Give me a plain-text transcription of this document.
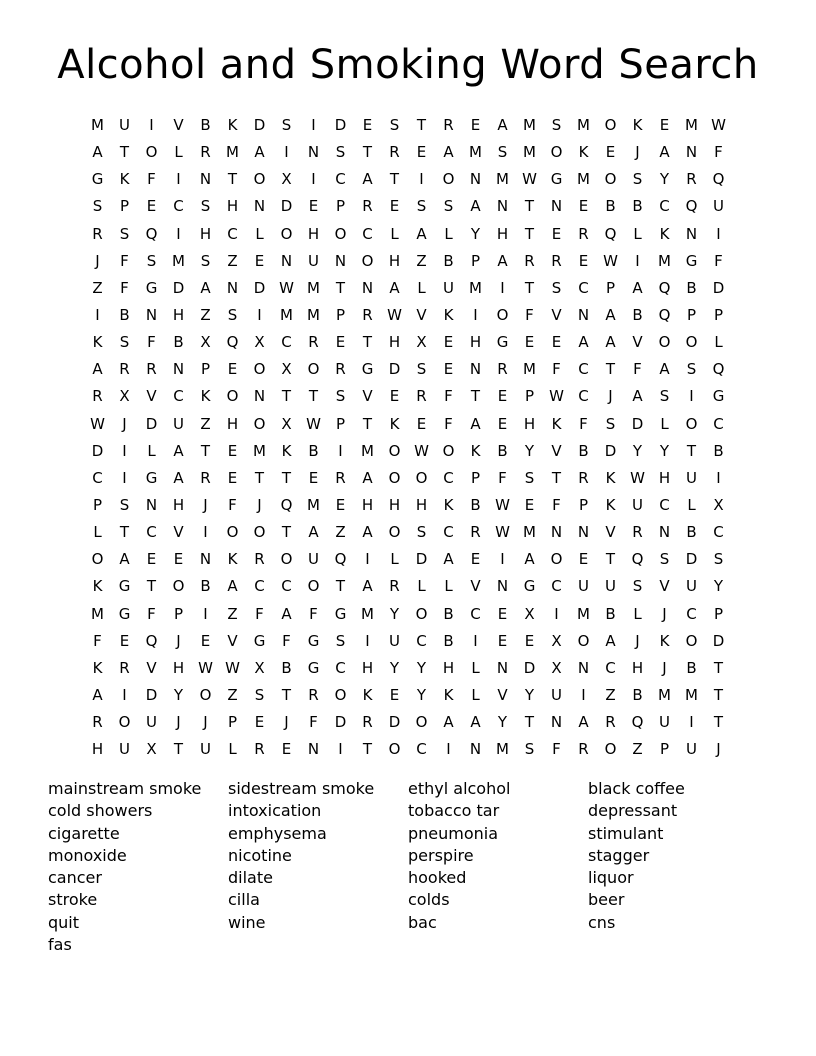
Alcohol and Smoking Word Search
M	U	I	V	B	K	D	S	I	D	E	S	T	R	E	A	M	S	M O	K	E	M W
A	T	O	L	R	M	A	I	N	S	T	R	E	A	M	S	M O	K	E	J	A	N	F
G	K	F	I	N	T	O	X	I	C	A	T	I	O	N M W G M O	S	Y	R	Q
S	P	E	C	S	H	N	D	E	P	R	E	S	S	A	N	T	N	E	B	B	C	Q	U
R	S	Q	I	H	C	L	O	H	O	C	L	A	L	Y	H	T	E	R	Q	L	K	N	I
J	F	S	M	S	Z	E	N	U	N	O	H	Z	B	P	A	R	R	E W	I	M G	F
Z	F	G	D	A	N	D W M	T	N	A	L	U	M	I	T	S	C	P	A	Q	B	D
I	B	N	H	Z	S	I	M M	P	R W V	K	I	O	F	V	N	A	B	Q	P	P
K	S	F	B	X	Q	X	C	R	E	T	H	X	E	H	G	E	E	A	A	V	O	O	L
A	R	R	N	P	E	O	X	O	R	G	D	S	E	N	R	M	F	C	T	F	A	S	Q
R	X	V	C	K	O	N	T	T	S	V	E	R	F	T	E	P	W C	J	A	S	I	G
W	J	D	U	Z	H	O	X W	P	T	K	E	F	A	E	H	K	F	S	D	L	O	C
D	I	L	A	T	E	M	K	B	I	M O W O	K	B	Y	V	B	D	Y	Y	T	B
C	I	G	A	R	E	T	T	E	R	A	O	O	C	P	F	S	T	R	K W H	U	I
P	S	N	H	J	F	J	Q M	E	H	H	H	K	B W E	F	P	K	U	C	L	X
L	T	C	V	I	O	O	T	A	Z	A	O	S	C	R W M N	N	V	R	N	B	C
O	A	E	E	N	K	R	O	U	Q	I	L	D	A	E	I	A	O	E	T	Q	S	D	S
K	G	T	O	B	A	C	C	O	T	A	R	L	L	V	N	G	C	U	U	S	V	U	Y
M G	F	P	I	Z	F	A	F	G M	Y	O	B	C	E	X	I	M	B	L	J	C	P
F	E	Q	J	E	V	G	F	G	S	I	U	C	B	I	E	E	X	O	A	J	K	O	D
K	R	V	H W W X	B	G	C	H	Y	Y	H	L	N	D	X	N	C	H	J	B	T
A	I	D	Y	O	Z	S	T	R	O	K	E	Y	K	L	V	Y	U	I	Z	B	M M	T
R	O	U	J	J	P	E	J	F	D	R	D	O	A	A	Y	T	N	A	R	Q	U	I	T
H	U	X	T	U	L	R	E	N	I	T	O	C	I	N M	S	F	R	O	Z	P	U	J
mainstream smoke
cold showers
cigarette
monoxide
cancer
stroke
quit
fas
sidestream smoke
intoxication
emphysema
nicotine
dilate
cilla
wine
ethyl alcohol
tobacco tar
pneumonia
perspire
hooked
colds
bac
black coffee
depressant
stimulant
stagger
liquor
beer
cns
